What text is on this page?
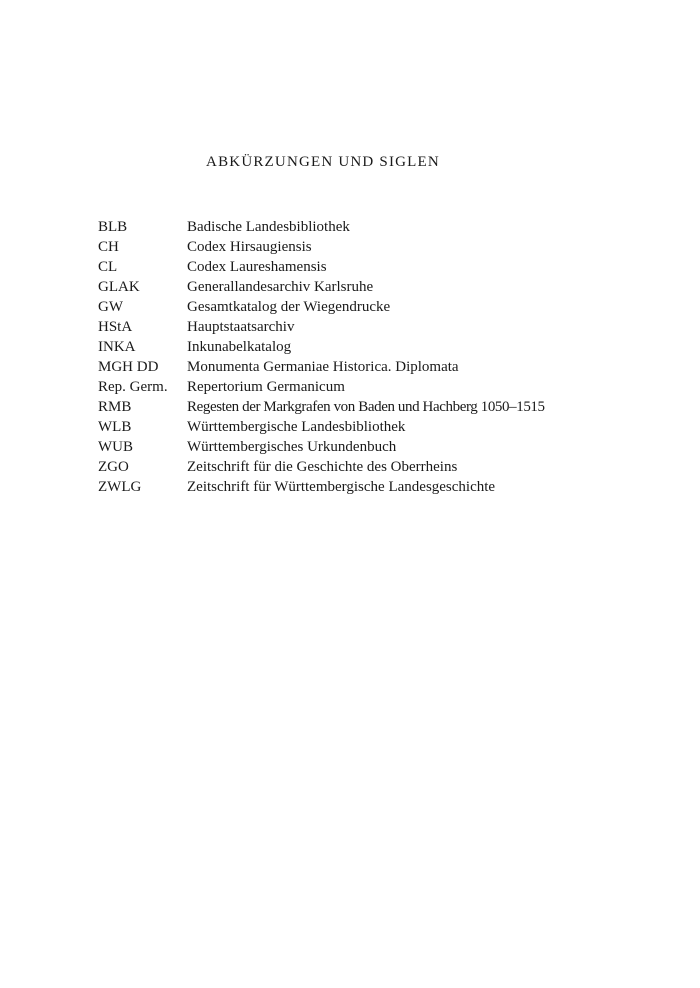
ABKÜRZUNGEN UND SIGLEN
BLB	Badische Landesbibliothek
CH	Codex Hirsaugiensis
CL	Codex Laureshamensis
GLAK	Generallandesarchiv Karlsruhe
GW	Gesamtkatalog der Wiegendrucke
HStA	Hauptstaatsarchiv
INKA	Inkunabelkatalog
MGH DD	Monumenta Germaniae Historica. Diplomata
Rep. Germ.	Repertorium Germanicum
RMB	Regesten der Markgrafen von Baden und Hachberg 1050–1515
WLB	Württembergische Landesbibliothek
WUB	Württembergisches Urkundenbuch
ZGO	Zeitschrift für die Geschichte des Oberrheins
ZWLG	Zeitschrift für Württembergische Landesgeschichte
